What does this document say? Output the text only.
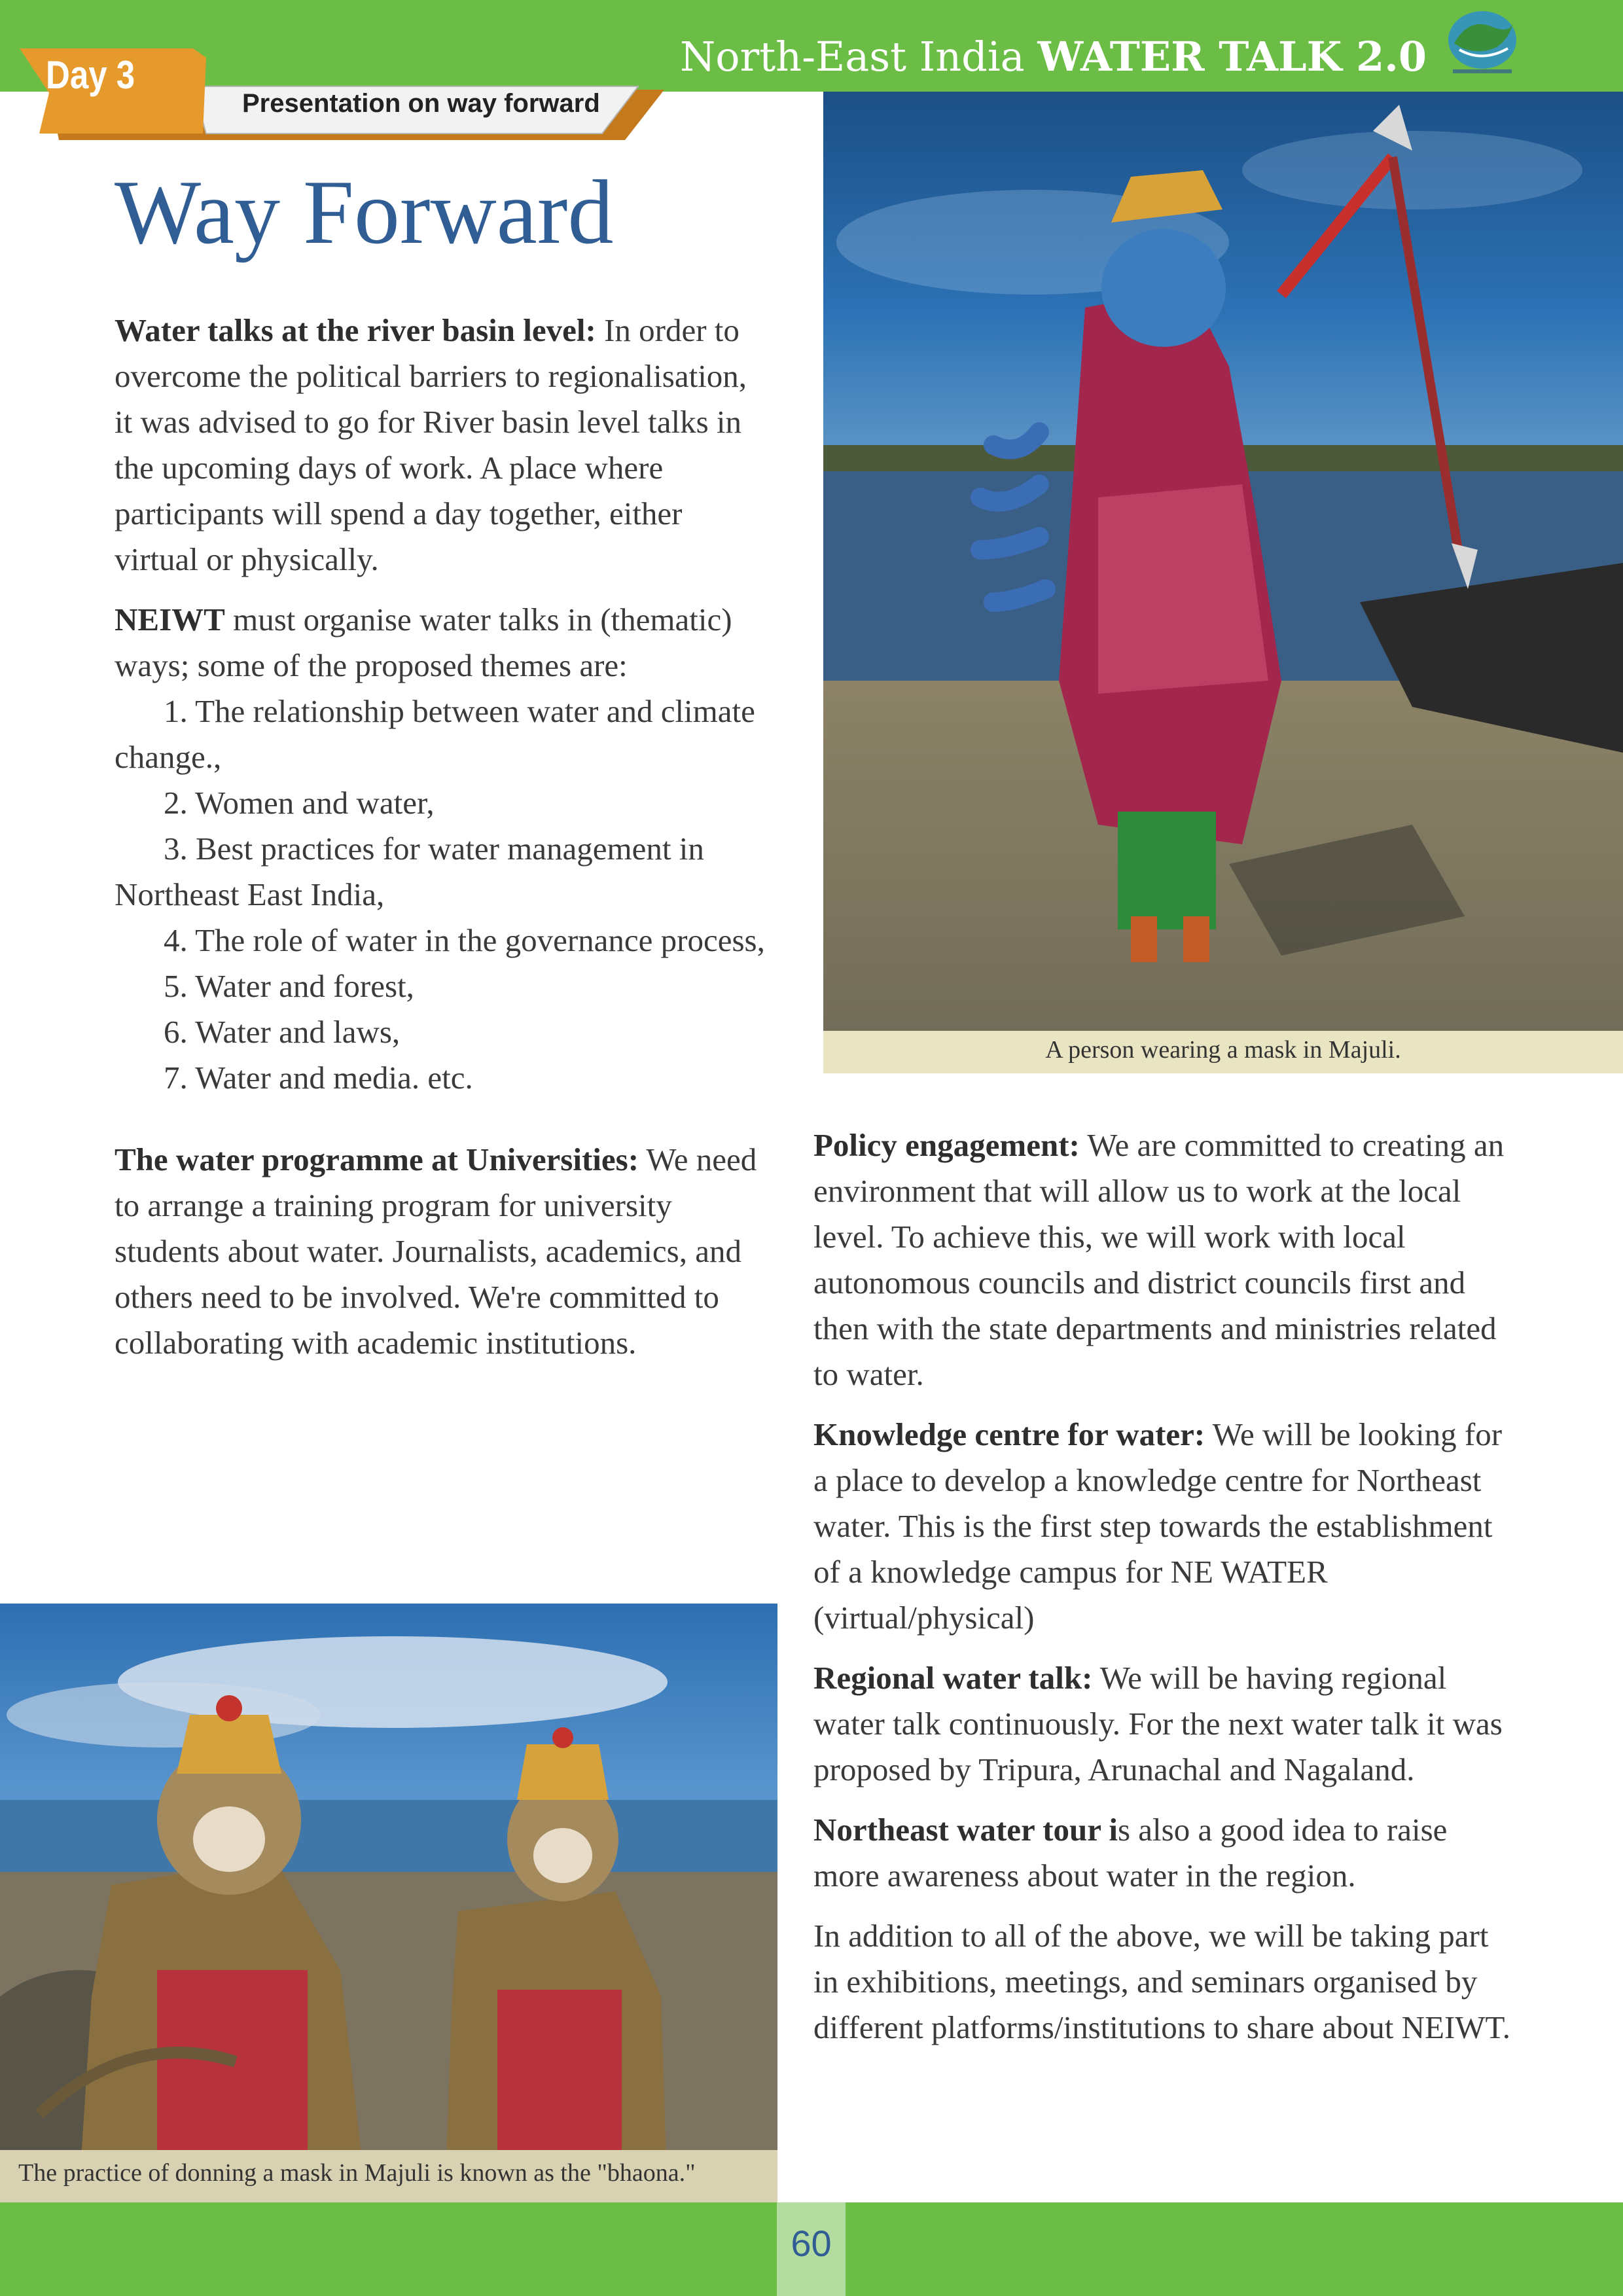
North-East India WATER TALK 2.0
Day 3
Presentation on way forward
Way Forward

Water talks at the river basin level: In order to overcome the political barriers to regionalisation, it was advised to go for River basin level talks in the upcoming days of work. A place where participants will spend a day together, either virtual or physically.

NEIWT must organise water talks in (thematic) ways; some of the proposed themes are:

1. The relationship between water and climate change.,
2. Women and water,
3. Best practices for water management in Northeast East India,
4. The role of water in the governance process,
5. Water and forest,
6. Water and laws,
7. Water and media. etc.

The water programme at Universities: We need to arrange a training program for university students about water. Journalists, academics, and others need to be involved. We're committed to collaborating with academic institutions.

A person wearing a mask in Majuli.

Policy engagement: We are committed to creating an environment that will allow us to work at the local level. To achieve this, we will work with local autonomous councils and district councils first and then with the state departments and ministries related to water.

Knowledge centre for water: We will be looking for a place to develop a knowledge centre for Northeast water. This is the first step towards the establishment of a knowledge campus for NE WATER (virtual/physical)

Regional water talk: We will be having regional water talk continuously. For the next water talk it was proposed by Tripura, Arunachal and Nagaland.

Northeast water tour is also a good idea to raise more awareness about water in the region.

In addition to all of the above, we will be taking part in exhibitions, meetings, and seminars organised by different platforms/institutions to share about NEIWT.

The practice of donning a mask in Majuli is known as the "bhaona."
60
